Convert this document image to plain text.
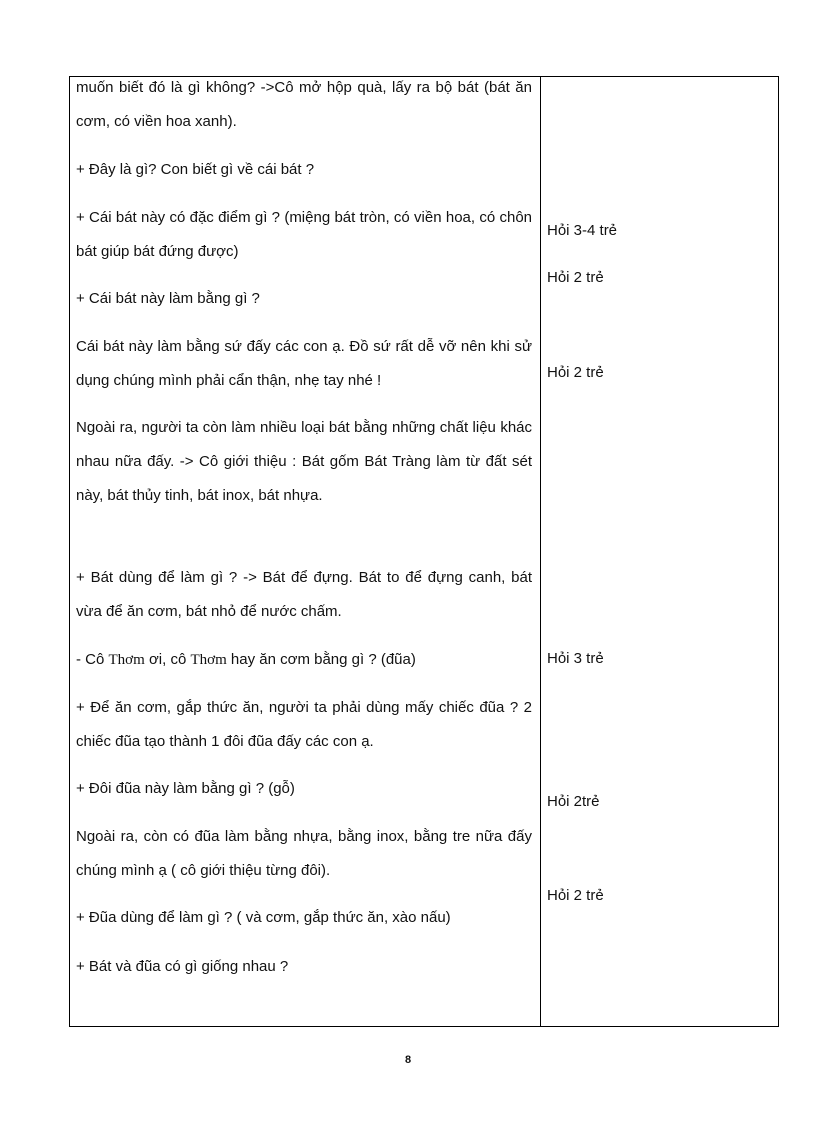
muốn biết đó là gì không? ->Cô mở hộp quà, lấy ra bộ bát (bát ăn cơm, có viền hoa xanh).

+ Đây là gì? Con biết gì về cái bát ?

+ Cái bát này có đặc điểm gì ? (miệng bát tròn, có viền hoa, có chôn bát giúp bát đứng được)

+ Cái bát này làm bằng gì ?

Cái bát này làm bằng sứ đấy các con ạ. Đồ sứ rất dễ vỡ nên khi sử dụng chúng mình phải cẩn thận, nhẹ tay nhé !

Ngoài ra, người ta còn làm nhiều loại bát bằng những chất liệu khác nhau nữa đấy. -> Cô giới thiệu : Bát gốm Bát Tràng làm từ đất sét này, bát thủy tinh, bát inox, bát nhựa.

+ Bát dùng để làm gì ? -> Bát để đựng. Bát to để đựng canh, bát vừa để ăn cơm, bát nhỏ để nước chấm.

- Cô Thơm ơi, cô Thơm hay ăn cơm bằng gì ? (đũa)

+ Để ăn cơm, gắp thức ăn, người ta phải dùng mấy chiếc đũa ? 2 chiếc đũa tạo thành 1 đôi đũa đấy các con ạ.

+ Đôi đũa này làm bằng gì ? (gỗ)

Ngoài ra, còn có đũa làm bằng nhựa, bằng inox, bằng tre nữa đấy chúng mình ạ ( cô giới thiệu từng đôi).

+ Đũa dùng để làm gì ? ( và cơm, gắp thức ăn, xào nấu)

+ Bát và đũa có gì giống nhau ?

Hỏi 3-4 trẻ

Hỏi 2 trẻ

Hỏi 2 trẻ

Hỏi 3 trẻ

Hỏi 2trẻ

Hỏi 2 trẻ

8
